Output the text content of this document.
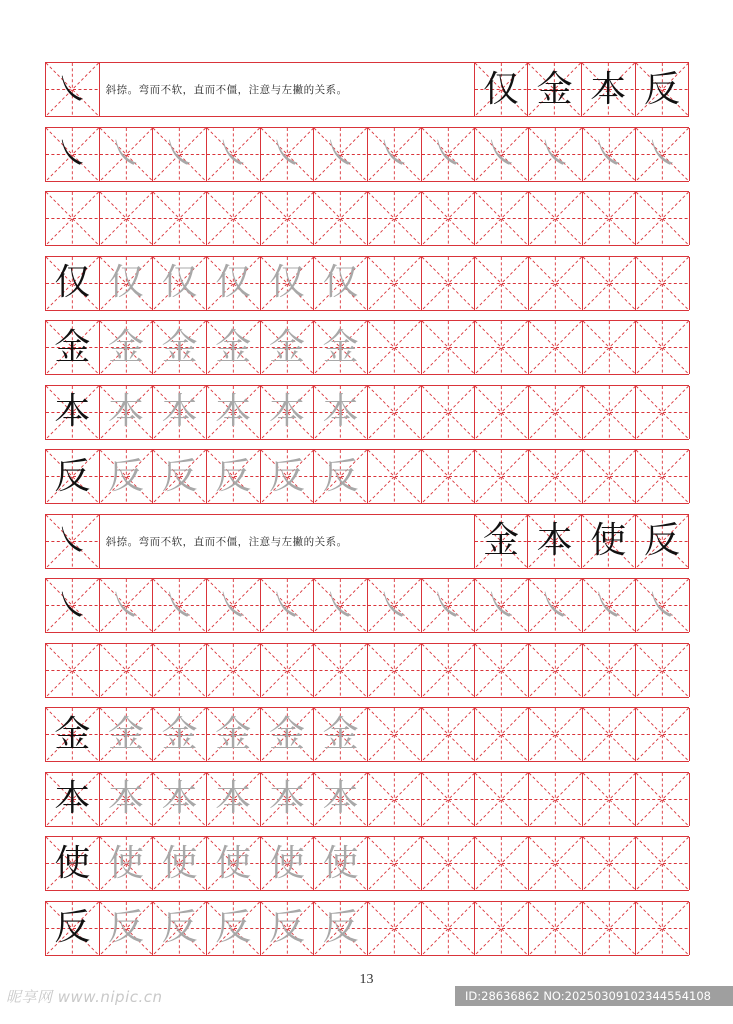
㇏	斜捺。弯而不软，直而不僵，注意与左撇的关系。	仅 金 本 反
㇏ ㇏ ㇏ ㇏ ㇏ ㇏ ㇏ ㇏ ㇏ ㇏ ㇏ ㇏
仅 仅 仅 仅 仅 仅
金 金 金 金 金 金
本 本 本 本 本 本
反 反 反 反 反 反
㇏	斜捺。弯而不软，直而不僵，注意与左撇的关系。	金 本 使 反
㇏ ㇏ ㇏ ㇏ ㇏ ㇏ ㇏ ㇏ ㇏ ㇏ ㇏ ㇏
金 金 金 金 金 金
本 本 本 本 本 本
使 使 使 使 使 使
反 反 反 反 反 反
13
昵享网 www.nipic.cn	ID:28636862 NO:20250309102344554108
